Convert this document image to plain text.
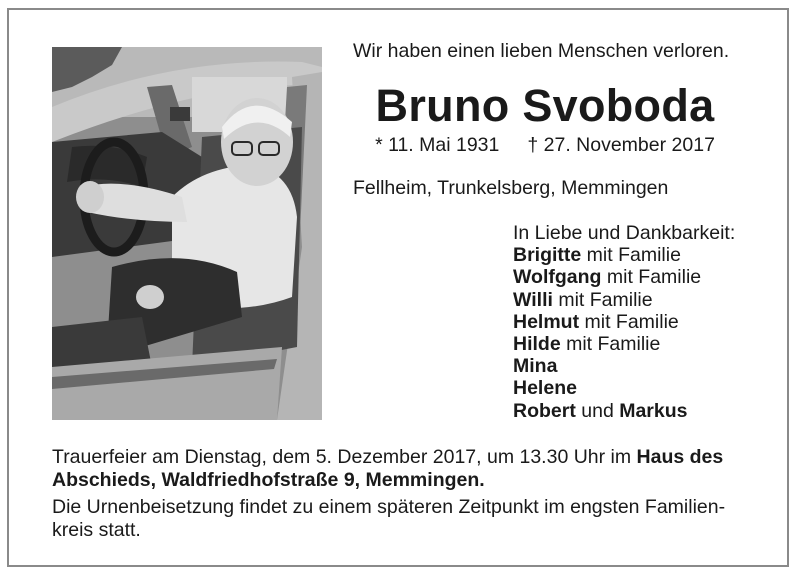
Wir haben einen lieben Menschen verloren.
Bruno Svoboda
* 11. Mai 1931 † 27. November 2017
Fellheim, Trunkelsberg, Memmingen
In Liebe und Dankbarkeit:
Brigitte mit Familie
Wolfgang mit Familie
Willi mit Familie
Helmut mit Familie
Hilde mit Familie
Mina
Helene
Robert und Markus
Trauerfeier am Dienstag, dem 5. Dezember 2017, um 13.30 Uhr im Haus des
Abschieds, Waldfriedhofstraße 9, Memmingen.
Die Urnenbeisetzung findet zu einem späteren Zeitpunkt im engsten Familien-
kreis statt.
